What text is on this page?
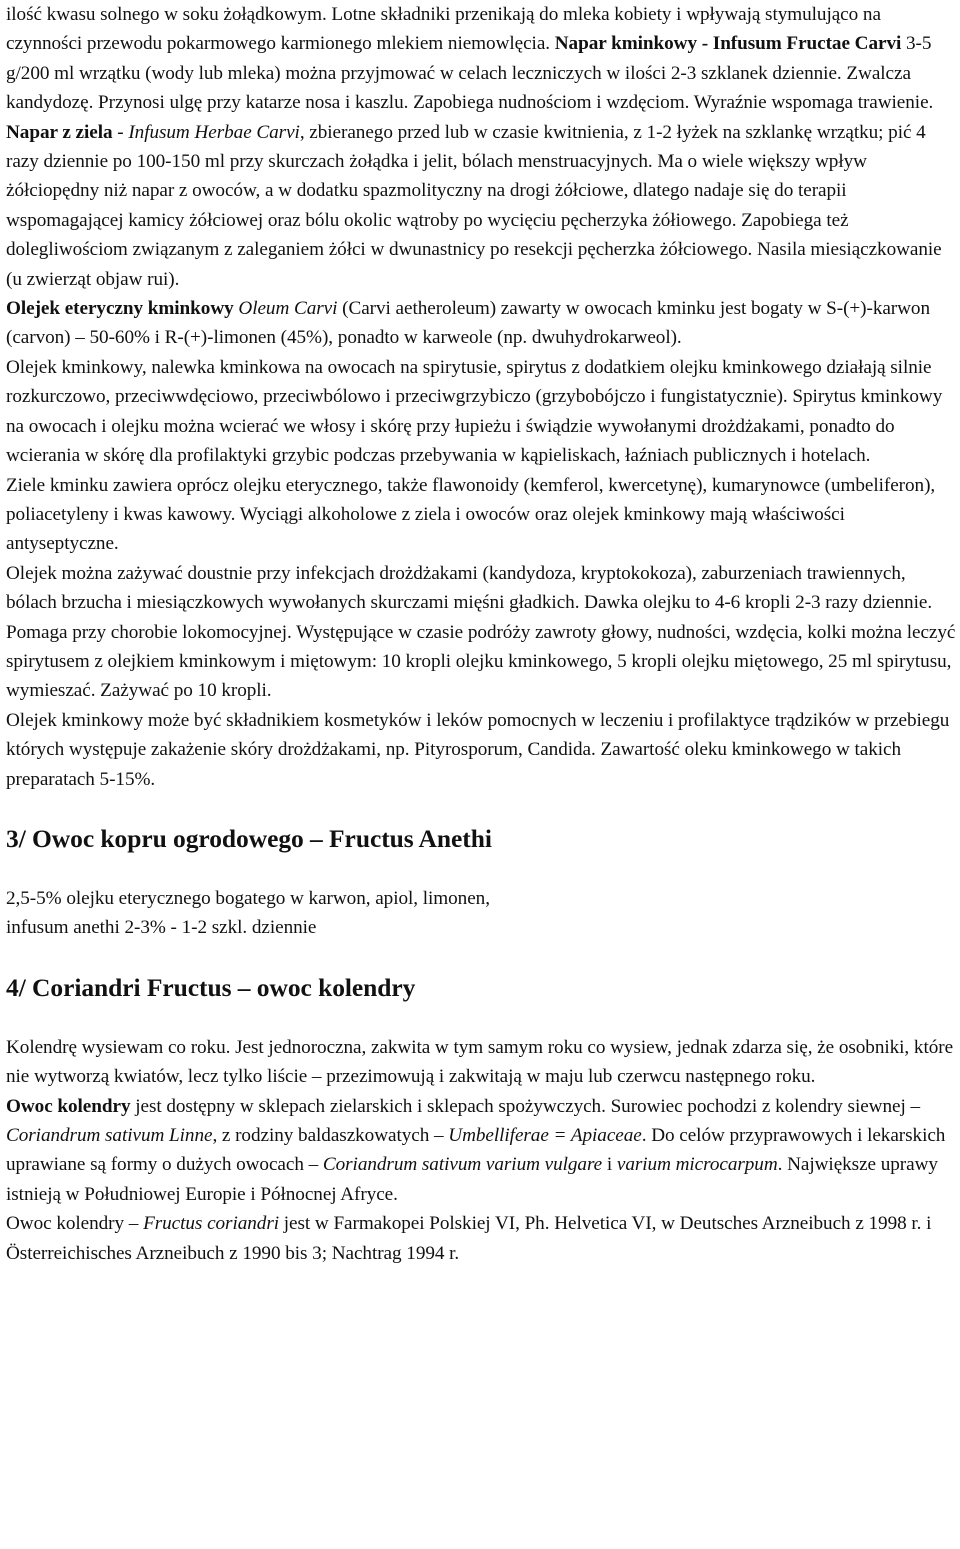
ilość kwasu solnego w soku żołądkowym. Lotne składniki przenikają do mleka kobiety i wpływają stymulująco na czynności przewodu pokarmowego karmionego mlekiem niemowlęcia. Napar kminkowy - Infusum Fructae Carvi 3-5 g/200 ml wrzątku (wody lub mleka) można przyjmować w celach leczniczych w ilości 2-3 szklanek dziennie. Zwalcza kandydozę. Przynosi ulgę przy katarze nosa i kaszlu. Zapobiega nudnościom i wzdęciom. Wyraźnie wspomaga trawienie.

Napar z ziela - Infusum Herbae Carvi, zbieranego przed lub w czasie kwitnienia, z 1-2 łyżek na szklankę wrzątku; pić 4 razy dziennie po 100-150 ml przy skurczach żołądka i jelit, bólach menstruacyjnych. Ma o wiele większy wpływ żółciopędny niż napar z owoców, a w dodatku spazmolityczny na drogi żółciowe, dlatego nadaje się do terapii wspomagającej kamicy żółciowej oraz bólu okolic wątroby po wycięciu pęcherzyka żółiowego. Zapobiega też dolegliwościom związanym z zaleganiem żółci w dwunastnicy po resekcji pęcherzka żółciowego. Nasila miesiączkowanie (u zwierząt objaw rui).

Olejek eteryczny kminkowy Oleum Carvi (Carvi aetheroleum) zawarty w owocach kminku jest bogaty w S-(+)-karwon (carvon) – 50-60% i R-(+)-limonen (45%), ponadto w karweole (np. dwuhydrokarweol).

Olejek kminkowy, nalewka kminkowa na owocach na spirytusie, spirytus z dodatkiem olejku kminkowego działają silnie rozkurczowo, przeciwwdęciowo, przeciwbólowo i przeciwgrzybiczo (grzybobójczo i fungistatycznie). Spirytus kminkowy na owocach i olejku można wcierać we włosy i skórę przy łupieżu i świądzie wywołanymi drożdżakami, ponadto do wcierania w skórę dla profilaktyki grzybic podczas przebywania w kąpieliskach, łaźniach publicznych i hotelach.

Ziele kminku zawiera oprócz olejku eterycznego, także flawonoidy (kemferol, kwercetynę), kumarynowce (umbeliferon), poliacetyleny i kwas kawowy. Wyciągi alkoholowe z ziela i owoców oraz olejek kminkowy mają właściwości antyseptyczne.

Olejek można zażywać doustnie przy infekcjach drożdżakami (kandydoza, kryptokokoza), zaburzeniach trawiennych, bólach brzucha i miesiączkowych wywołanych skurczami mięśni gładkich. Dawka olejku to 4-6 kropli 2-3 razy dziennie. Pomaga przy chorobie lokomocyjnej. Występujące w czasie podróży zawroty głowy, nudności, wzdęcia, kolki można leczyć spirytusem z olejkiem kminkowym i miętowym: 10 kropli olejku kminkowego, 5 kropli olejku miętowego, 25 ml spirytusu, wymieszać. Zażywać po 10 kropli.

Olejek kminkowy może być składnikiem kosmetyków i leków pomocnych w leczeniu i profilaktyce trądzików w przebiegu których występuje zakażenie skóry drożdżakami, np. Pityrosporum, Candida. Zawartość oleku kminkowego w takich preparatach 5-15%.

3/ Owoc kopru ogrodowego – Fructus Anethi

2,5-5% olejku eterycznego bogatego w karwon, apiol, limonen,

infusum anethi 2-3% - 1-2 szkl. dziennie

4/ Coriandri Fructus – owoc kolendry

Kolendrę wysiewam co roku. Jest jednoroczna, zakwita w tym samym roku co wysiew, jednak zdarza się, że osobniki, które nie wytworzą kwiatów, lecz tylko liście – przezimowują i zakwitają w maju lub czerwcu następnego roku.

Owoc kolendry jest dostępny w sklepach zielarskich i sklepach spożywczych. Surowiec pochodzi z kolendry siewnej – Coriandrum sativum Linne, z rodziny baldaszkowatych – Umbelliferae = Apiaceae. Do celów przyprawowych i lekarskich uprawiane są formy o dużych owocach – Coriandrum sativum varium vulgare i varium microcarpum. Największe uprawy istnieją w Południowej Europie i Północnej Afryce.

Owoc kolendry – Fructus coriandri jest w Farmakopei Polskiej VI, Ph. Helvetica VI, w Deutsches Arzneibuch z 1998 r. i Österreichisches Arzneibuch z 1990 bis 3; Nachtrag 1994 r.
